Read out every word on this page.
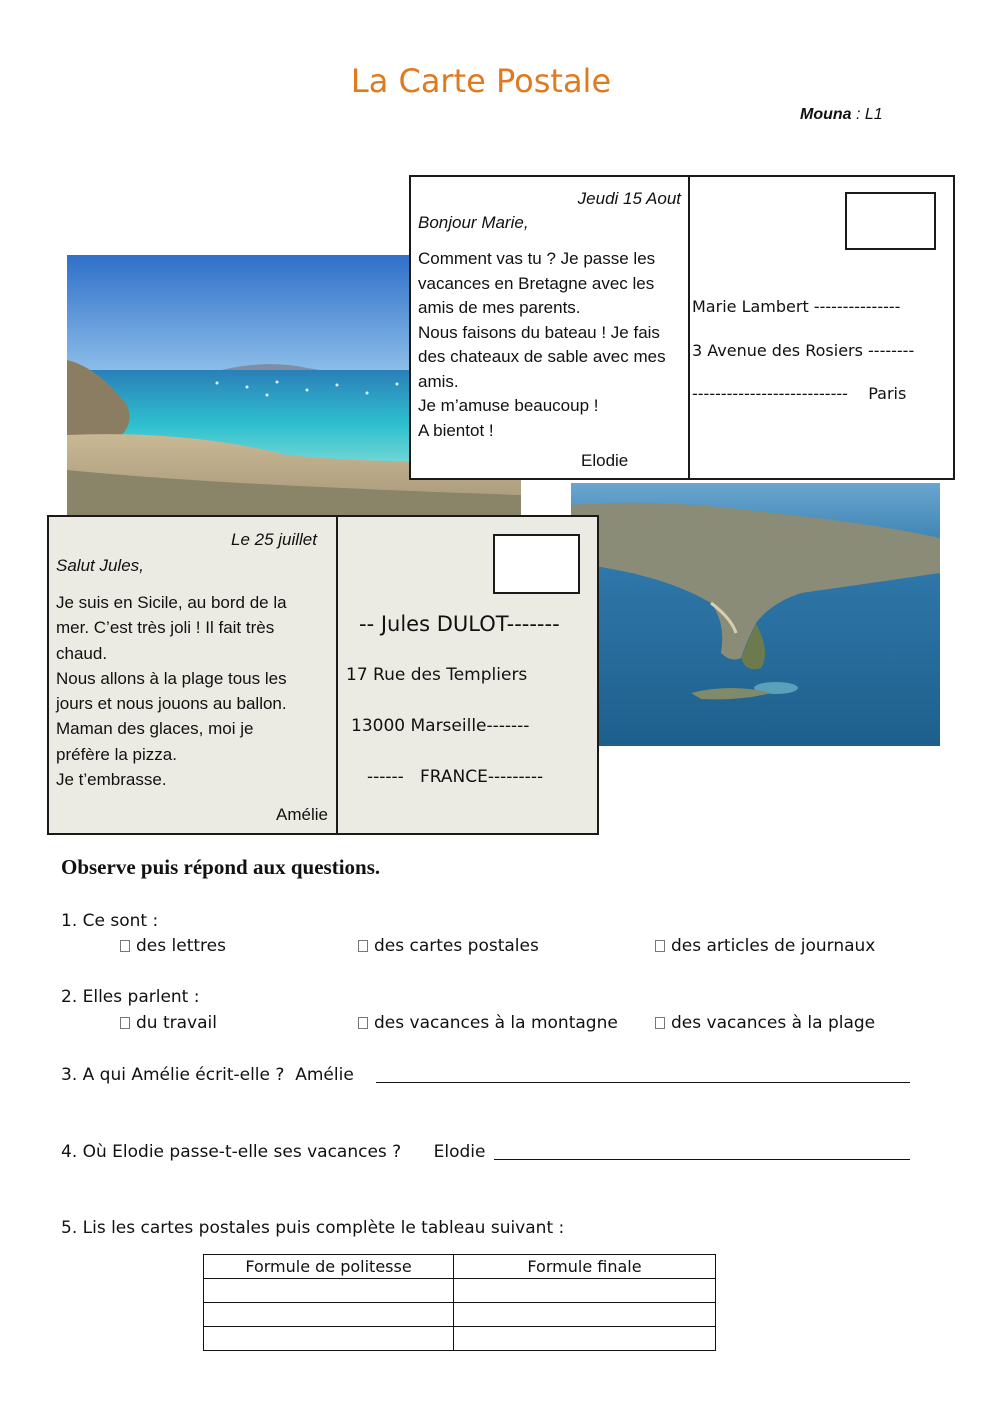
La Carte Postale
Mouna : L1
Jeudi 15 Aout
Bonjour Marie,
Comment vas tu ? Je passe les
vacances en Bretagne avec les
amis de mes parents.
Nous faisons du bateau ! Je fais
des chateaux de sable avec mes
amis.
Je m’amuse beaucoup !
A bientot !
Elodie
Marie Lambert ---------------
3 Avenue des Rosiers --------
---------------------------    Paris
Le 25 juillet
Salut Jules,
Je suis en Sicile, au bord de la
mer. C’est très joli ! Il fait très
chaud.
Nous allons à la plage tous les
jours et nous jouons au ballon.
Maman des glaces, moi je
préfère la pizza.
Je t’embrasse.
Amélie
-- Jules DULOT-------
17 Rue des Templiers
13000 Marseille-------
------   FRANCE---------
Observe puis répond aux questions.
1. Ce sont :
des lettres	des cartes postales	des articles de journaux
2. Elles parlent :
du travail	des vacances à la montagne	des vacances à la plage
3. A qui Amélie écrit-elle ?  Amélie
4. Où Elodie passe-t-elle ses vacances ?      Elodie
5. Lis les cartes postales puis complète le tableau suivant :
Formule de politesse	Formule finale
